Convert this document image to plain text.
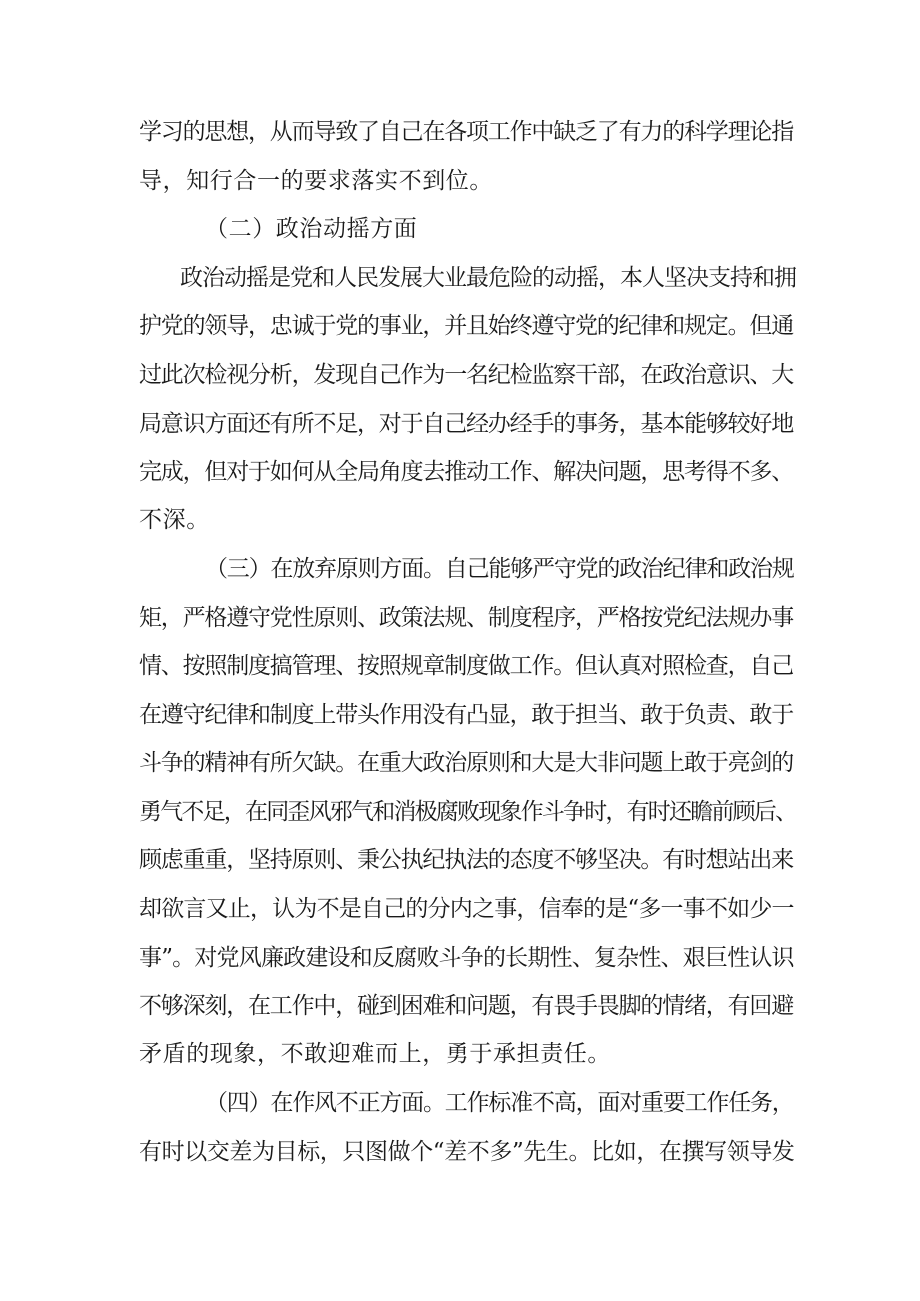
学习的思想，从而导致了自己在各项工作中缺乏了有力的科学理论指
导，知行合一的要求落实不到位。
（二）政治动摇方面
政治动摇是党和人民发展大业最危险的动摇，本人坚决支持和拥
护党的领导，忠诚于党的事业，并且始终遵守党的纪律和规定。但通
过此次检视分析，发现自己作为一名纪检监察干部，在政治意识、大
局意识方面还有所不足，对于自己经办经手的事务，基本能够较好地
完成，但对于如何从全局角度去推动工作、解决问题，思考得不多、
不深。
（三）在放弃原则方面。自己能够严守党的政治纪律和政治规
矩，严格遵守党性原则、政策法规、制度程序，严格按党纪法规办事
情、按照制度搞管理、按照规章制度做工作。但认真对照检查，自己
在遵守纪律和制度上带头作用没有凸显，敢于担当、敢于负责、敢于
斗争的精神有所欠缺。在重大政治原则和大是大非问题上敢于亮剑的
勇气不足，在同歪风邪气和消极腐败现象作斗争时，有时还瞻前顾后、
顾虑重重，坚持原则、秉公执纪执法的态度不够坚决。有时想站出来
却欲言又止，认为不是自己的分内之事，信奉的是“多一事不如少一
事”。对党风廉政建设和反腐败斗争的长期性、复杂性、艰巨性认识
不够深刻，在工作中，碰到困难和问题，有畏手畏脚的情绪，有回避
矛盾的现象，不敢迎难而上，勇于承担责任。
（四）在作风不正方面。工作标准不高，面对重要工作任务，
有时以交差为目标，只图做个“差不多”先生。比如，在撰写领导发
